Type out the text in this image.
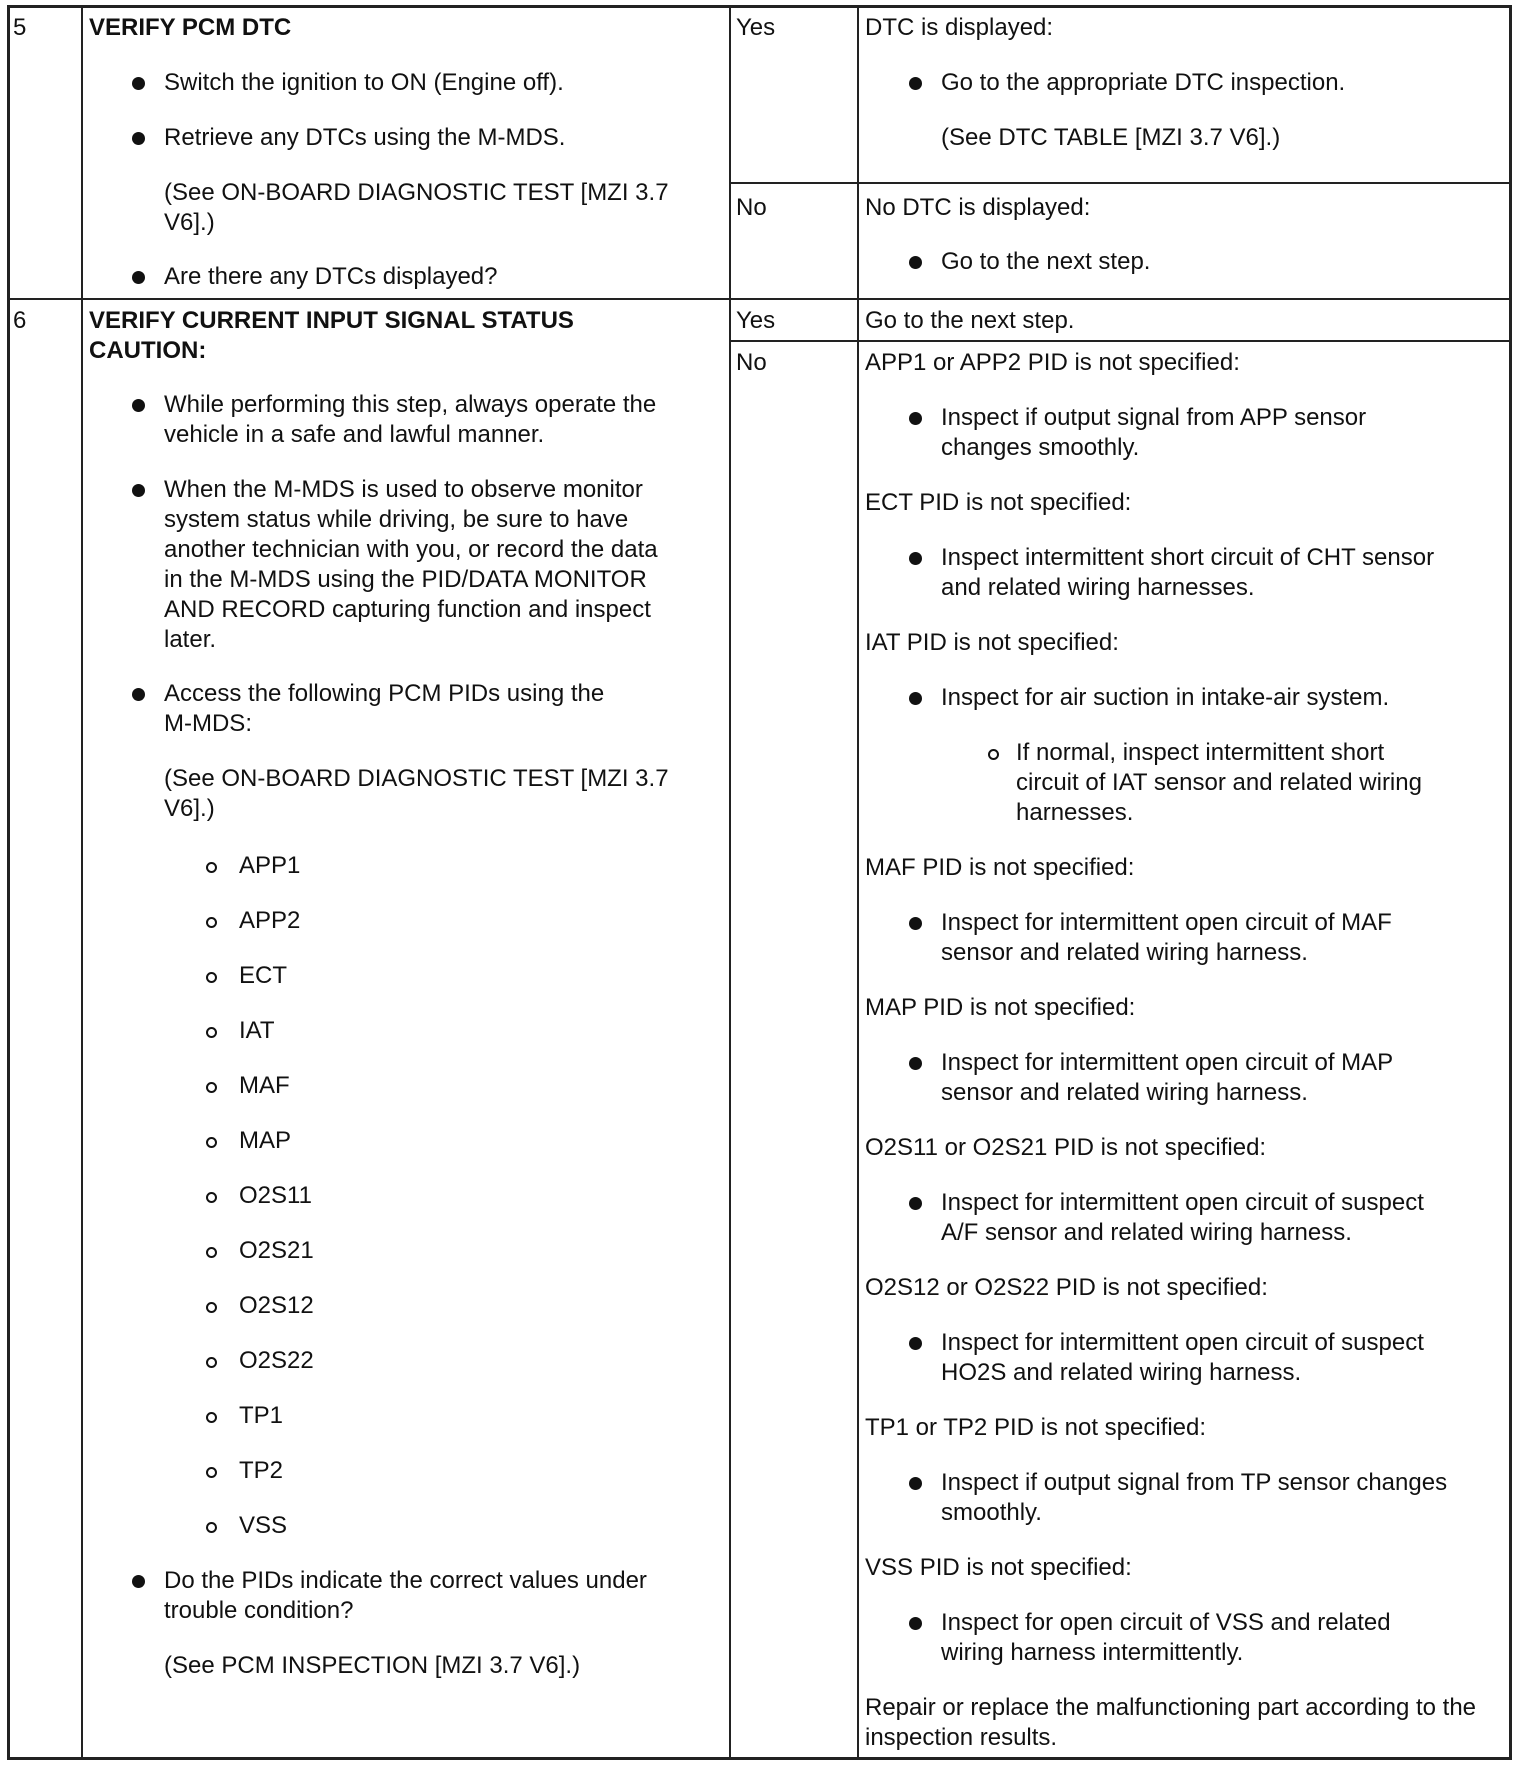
5	VERIFY PCM DTC
Switch the ignition to ON (Engine off).
Retrieve any DTCs using the M-MDS.
(See ON-BOARD DIAGNOSTIC TEST [MZI 3.7
V6].)
Are there any DTCs displayed?
Yes	DTC is displayed:
Go to the appropriate DTC inspection.
(See DTC TABLE [MZI 3.7 V6].)
No	No DTC is displayed:
Go to the next step.
6	VERIFY CURRENT INPUT SIGNAL STATUS
CAUTION:
While performing this step, always operate the
vehicle in a safe and lawful manner.
When the M-MDS is used to observe monitor
system status while driving, be sure to have
another technician with you, or record the data
in the M-MDS using the PID/DATA MONITOR
AND RECORD capturing function and inspect
later.
Access the following PCM PIDs using the
M-MDS:
(See ON-BOARD DIAGNOSTIC TEST [MZI 3.7
V6].)
APP1
APP2
ECT
IAT
MAF
MAP
O2S11
O2S21
O2S12
O2S22
TP1
TP2
VSS
Do the PIDs indicate the correct values under
trouble condition?
(See PCM INSPECTION [MZI 3.7 V6].)
Yes	Go to the next step.
No	APP1 or APP2 PID is not specified:
Inspect if output signal from APP sensor
changes smoothly.
ECT PID is not specified:
Inspect intermittent short circuit of CHT sensor
and related wiring harnesses.
IAT PID is not specified:
Inspect for air suction in intake-air system.
If normal, inspect intermittent short
circuit of IAT sensor and related wiring
harnesses.
MAF PID is not specified:
Inspect for intermittent open circuit of MAF
sensor and related wiring harness.
MAP PID is not specified:
Inspect for intermittent open circuit of MAP
sensor and related wiring harness.
O2S11 or O2S21 PID is not specified:
Inspect for intermittent open circuit of suspect
A/F sensor and related wiring harness.
O2S12 or O2S22 PID is not specified:
Inspect for intermittent open circuit of suspect
HO2S and related wiring harness.
TP1 or TP2 PID is not specified:
Inspect if output signal from TP sensor changes
smoothly.
VSS PID is not specified:
Inspect for open circuit of VSS and related
wiring harness intermittently.
Repair or replace the malfunctioning part according to the
inspection results.
